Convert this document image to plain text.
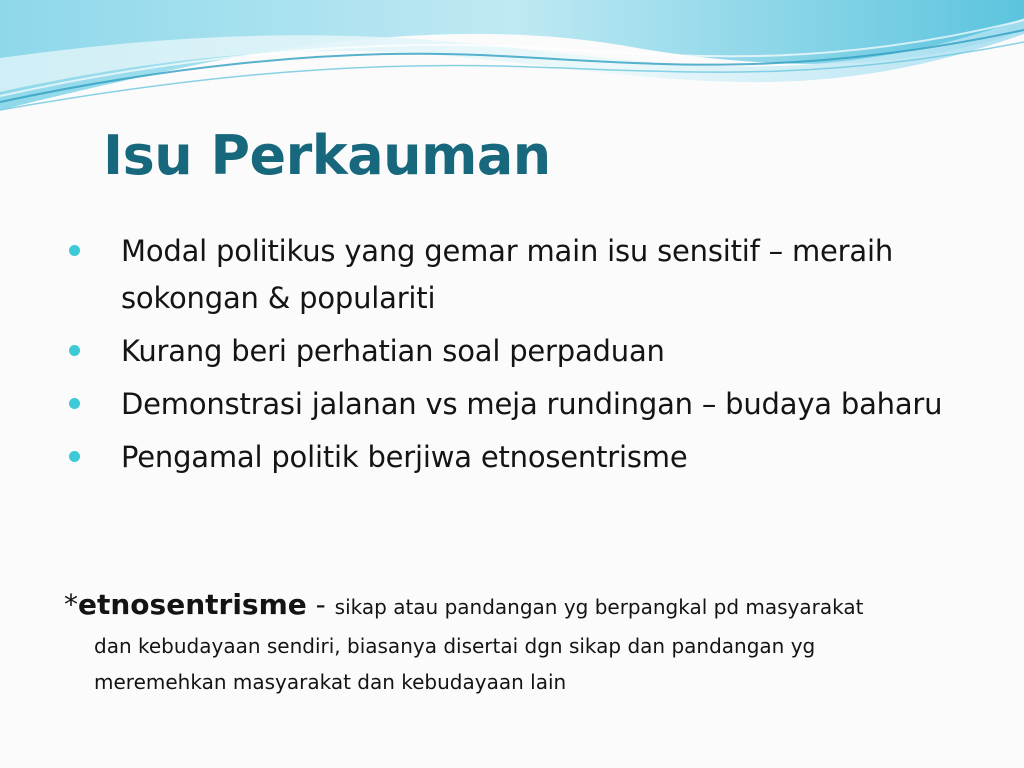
Isu Perkauman
Modal politikus yang gemar main isu sensitif – meraih sokongan & populariti
Kurang beri perhatian soal perpaduan
Demonstrasi jalanan vs meja rundingan – budaya baharu
Pengamal politik berjiwa etnosentrisme
*etnosentrisme - sikap atau pandangan yg berpangkal pd masyarakat
dan kebudayaan sendiri, biasanya disertai dgn sikap dan pandangan yg meremehkan masyarakat dan kebudayaan lain
